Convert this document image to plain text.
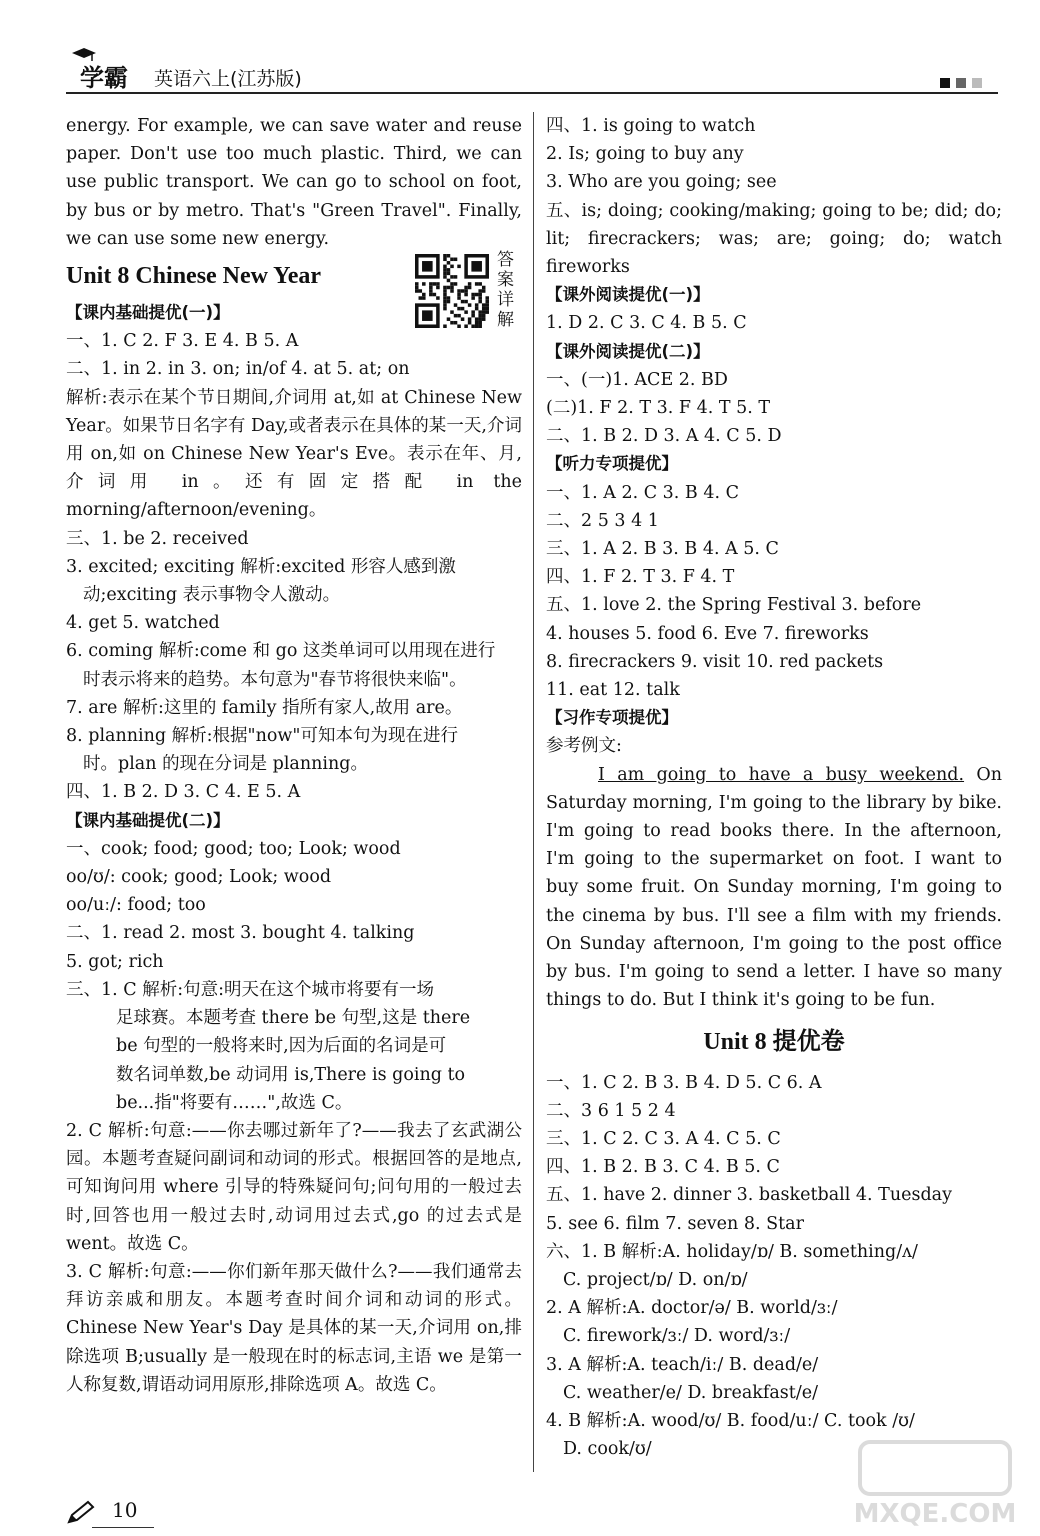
学霸 英语六上(江苏版)

energy. For example, we can save water and reuse paper. Don't use too much plastic. Third, we can use public transport. We can go to school on foot, by bus or by metro. That's "Green Travel". Finally, we can use some new energy.

Unit 8 Chinese New Year

【课内基础提优(一)】

一、1. C 2. F 3. E 4. B 5. A

二、1. in 2. in 3. on; in/of 4. at 5. at; on

解析:表示在某个节日期间,介词用 at,如 at Chinese New Year。如果节日名字有 Day,或者表示在具体的某一天,介词用 on,如 on Chinese New Year's Eve。表示在年、月,介词用 in。还有固定搭配 in the morning/afternoon/evening。

三、1. be 2. received

3. excited; exciting 解析:excited 形容人感到激

动;exciting 表示事物令人激动。

4. get 5. watched

6. coming 解析:come 和 go 这类单词可以用现在进行

时表示将来的趋势。本句意为"春节将很快来临"。

7. are 解析:这里的 family 指所有家人,故用 are。

8. planning 解析:根据"now"可知本句为现在进行

时。plan 的现在分词是 planning。

四、1. B 2. D 3. C 4. E 5. A

【课内基础提优(二)】

一、cook; food; good; too; Look; wood

oo/ʊ/: cook; good; Look; wood

oo/uː/: food; too

二、1. read 2. most 3. bought 4. talking

5. got; rich

三、1. C 解析:句意:明天在这个城市将要有一场

足球赛。本题考查 there be 句型,这是 there

be 句型的一般将来时,因为后面的名词是可

数名词单数,be 动词用 is,There is going to

be...指"将要有……",故选 C。

2. C 解析:句意:——你去哪过新年了?——我去了玄武湖公园。本题考查疑问副词和动词的形式。根据回答的是地点,可知询问用 where 引导的特殊疑问句;问句用的一般过去时,回答也用一般过去时,动词用过去式,go 的过去式是 went。故选 C。

3. C 解析:句意:——你们新年那天做什么?——我们通常去拜访亲戚和朋友。本题考查时间介词和动词的形式。Chinese New Year's Day 是具体的某一天,介词用 on,排除选项 B;usually 是一般现在时的标志词,主语 we 是第一人称复数,谓语动词用原形,排除选项 A。故选 C。

四、1. is going to watch

2. Is; going to buy any

3. Who are you going; see

五、is; doing; cooking/making; going to be; did; do; lit; firecrackers; was; are; going; do; watch fireworks

【课外阅读提优(一)】

1. D 2. C 3. C 4. B 5. C

【课外阅读提优(二)】

一、(一)1. ACE 2. BD

(二)1. F 2. T 3. F 4. T 5. T

二、1. B 2. D 3. A 4. C 5. D

【听力专项提优】

一、1. A 2. C 3. B 4. C

二、2 5 3 4 1

三、1. A 2. B 3. B 4. A 5. C

四、1. F 2. T 3. F 4. T

五、1. love 2. the Spring Festival 3. before

4. houses 5. food 6. Eve 7. fireworks

8. firecrackers 9. visit 10. red packets

11. eat 12. talk

【习作专项提优】

参考例文:

I am going to have a busy weekend. On Saturday morning, I'm going to the library by bike. I'm going to read books there. In the afternoon, I'm going to the supermarket on foot. I want to buy some fruit. On Sunday morning, I'm going to the cinema by bus. I'll see a film with my friends. On Sunday afternoon, I'm going to the post office by bus. I'm going to send a letter. I have so many things to do. But I think it's going to be fun.

Unit 8 提优卷

一、1. C 2. B 3. B 4. D 5. C 6. A

二、3 6 1 5 2 4

三、1. C 2. C 3. A 4. C 5. C

四、1. B 2. B 3. C 4. B 5. C

五、1. have 2. dinner 3. basketball 4. Tuesday

5. see 6. film 7. seven 8. Star

六、1. B 解析:A. holiday/ɒ/ B. something/ʌ/

C. project/ɒ/ D. on/ɒ/

2. A 解析:A. doctor/ə/ B. world/ɜː/

C. firework/ɜː/ D. word/ɜː/

3. A 解析:A. teach/iː/ B. dead/e/

C. weather/e/ D. breakfast/e/

4. B 解析:A. wood/ʊ/ B. food/uː/ C. took /ʊ/

D. cook/ʊ/

答
案
详
解
10	MXQE.COM
